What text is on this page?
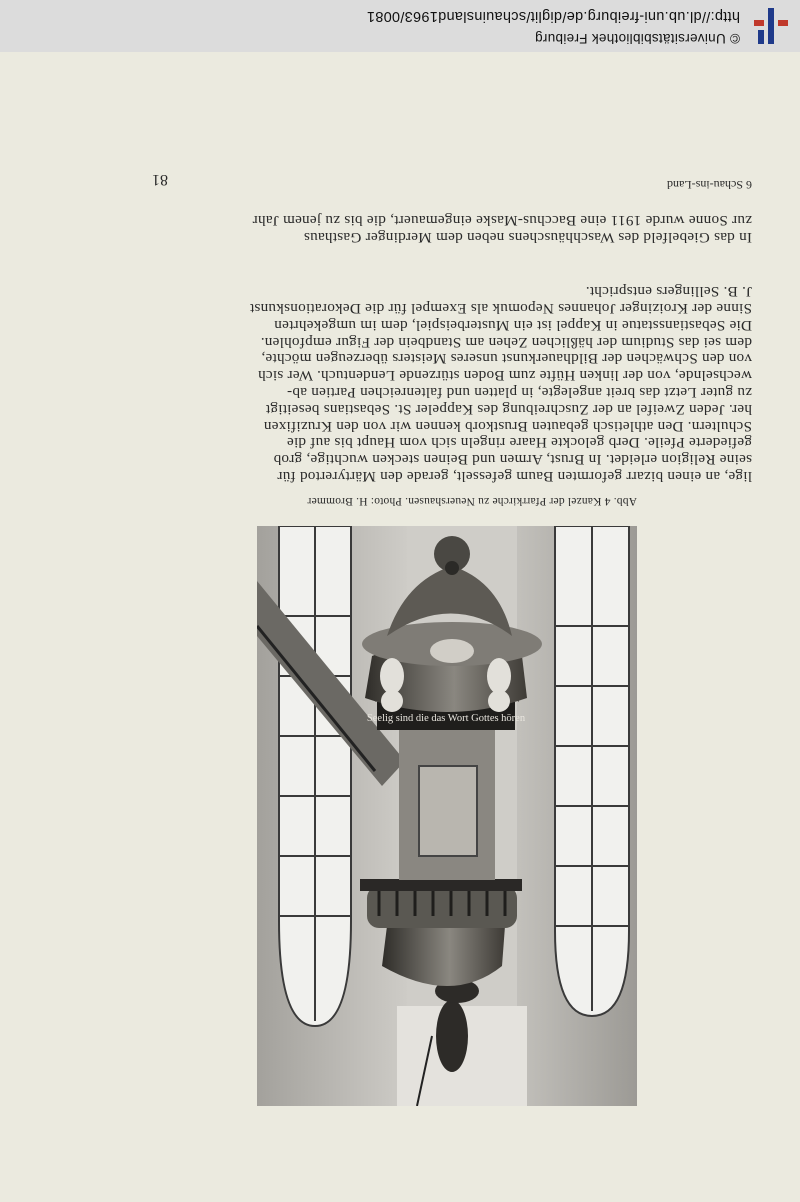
Seelig sind die das Wort Gottes hören
Abb. 4 Kanzel der Pfarrkirche zu Neuershausen. Photo: H. Brommer
lige, an einen bizarr geformten Baum gefesselt, gerade den Märtyrertod für
seine Religion erleidet. In Brust, Armen und Beinen stecken wuchtige, grob
gefiederte Pfeile. Derb gelockte Haare ringeln sich vom Haupt bis auf die
Schultern. Den athletisch gebauten Brustkorb kennen wir von den Kruzifixen
her. Jeden Zweifel an der Zuschreibung des Kappeler St. Sebastians beseitigt
zu guter Letzt das breit angelegte, in platten und faltenreichen Partien ab-
wechselnde, von der linken Hüfte zum Boden stürzende Lendentuch. Wer sich
von den Schwächen der Bildhauerkunst unseres Meisters überzeugen möchte,
dem sei das Studium der häßlichen Zehen am Standbein der Figur empfohlen.
Die Sebastiansstatue in Kappel ist ein Musterbeispiel, dem im umgekehrten
Sinne der Kroizinger Johannes Nepomuk als Exempel für die Dekorationskunst
J. B. Sellingers entspricht.
In das Giebelfeld des Waschhäuschens neben dem Merdinger Gasthaus
zur Sonne wurde 1911 eine Bacchus-Maske eingemauert, die bis zu jenem Jahr
6 Schau-ins-Land
81
http://dl.ub.uni-freiburg.de/diglit/schauinsland1963/0081
© Universitätsbibliothek Freiburg
